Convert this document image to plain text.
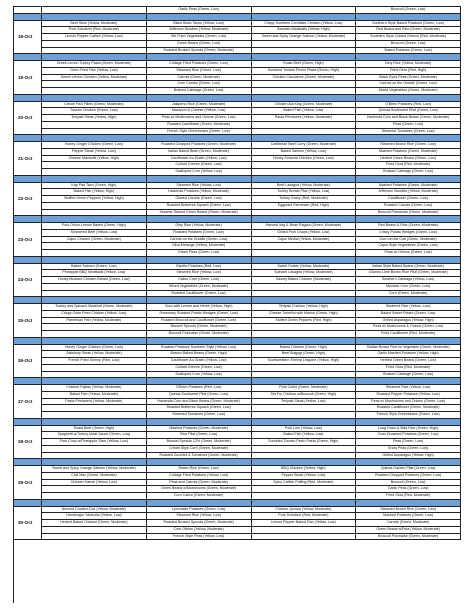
		Garlic Peas (Green, Low)		Broccoli (Green, Low)

18-Oct	Beef Stew (Yellow, Moderate)	Black Bean Tacos (Yellow, Low)	Crispy Southern Cornflake Chicken (Yellow, Low)	Southern Style Baked Potatoes (Green, Low)
	Pork Schnitzel (Red, Moderate)	Jefferson Noodles (Yellow, Moderate)	Swedish Meatballs (Yellow, High)	Red Beans and Rice (Green, Moderate)
	Lemon Pepper Catfish (Yellow, Low)	Stir Fried Vegetables (Green, Low)	Sweet and Spicy Orange Salmon (Yellow, Moderate)	Southern Style Collard Greens (Red, Moderate)
		Green Beans (Green, Low)		Broccoli (Green, Low)
		Roasted Brussel Sprouts (Green, Moderate)		Baked Potatoes (Green, Low)

19-Oct	Greek Lemon Turkey Pasta (Green, Moderate)	Cottage Fried Potatoes (Green, Low)	Roast Beef (Green, High)	Dirty Rice (Yellow, Moderate)
	Oven Fried Fish (Yellow, Low)	Steamed Rice (Green, Low)	Sundried Tomato Penne Pasta (Green, High)	Fried Okra (Red, High)
	Sweet Lemon Chicken (Yellow, Moderate)	Carrots (Green, Moderate)	Chicken Cacciatore (Green, Moderate)	Black Eyed Peas (Green, Moderate)
		Corn Combo (Green, Low)		Carrots on the Griddle (Green, Low)
		Braised Cabbage (Green, Low)		Mixed Vegetables (Green, Moderate)

20-Oct	Creole Fish Fillets (Green, Moderate)	Jalapeno Rice (Green, Moderate)	Chicken Ala King (Green, Moderate)	O'Brien Potatoes (Red, Low)
	Tuscan Chicken (Green, Low)	Macaroni & Cheese (Yellow, Low)	Baked Fish (Yellow, Low)	Quinoa Southwest Pilaf (Green, Low)
	Teriyaki Steak (Yellow, High)	Peas w/ Mushrooms and Onions (Green, Low)	Pasta Primavera (Yellow, Moderate)	Hacienda Corn and Black Beans (Green, Moderate)
		Roasted Cauliflower (Green, Moderate)		Peas (Green, Low)
		French Style Greenbeans (Green, Low)		Steamed Tomatoes (Green, Low)

21-Oct	Honey Ginger Chicken (Green, Low)	Roasted Chopped Potatoes (Green, Moderate)	Caribbean Beef Curry (Green, Moderate)	Steamed Brown Rice (Green, Low)
	Pepper Steak (Yellow, Low)	Italian Baked Bean (Green, Moderate)	Baked Salmon (Yellow, Low)	Mashed Potatoes (Green, Moderate)
	Cheese Manicotti (Yellow, High)	Cauliflower Au Gratin (Yellow, Low)	Honey Sriracha Chicken (Green, Low)	Herbed Green Beans (Green, Low)
		Collard Greens (Green, Low)		Fried Okra (Red, Moderate)
		Scalloped Corn (Yellow, Low)		Braised Cabbage (Green, Low)

22-Oct	Kap Pad Taco (Green, High)	Steamed Rice (Yellow, Low)	Beef Lasagna (Yellow, Moderate)	Mashed Potatoes (Green, Moderate)
	Baked Fish (Yellow, High)	Hacienda Potatoes (Yellow, Moderate)	Turkey Breast Pilaf (Yellow, Low)	Jefferson Noodles (Yellow, Moderate)
	Stuffed Green Peppers (Yellow, High)	Glazed Carrots (Green, Low)	Turkey Gravy (Red, Moderate)	Cauliflower (Green, Low)
		Roasted Butternut Squash (Green, Low)	Eggplant Parmesan (Red, High)	Roasted Carrots (Green, Low)
		Sesame Glazed Green Beans (Green, Moderate)		Broccoli Parmesan (Green, Moderate)

23-Oct	Pork Onion Lemon Baked (Green, High)	Dirty Rice (Yellow, Moderate)	Harvest Veg & Bean Ragout (Green, Moderate)	Red Beans & Rice (Green, Moderate)
	Simmered Beef (Yellow, Low)	Roasted Potatoes (Green, Low)	Grilled Pork Chops (Yellow, Low)	Crispy Potato Wedges (Green, Low)
	Cajun Chicken (Green, Moderate)	Carrots on the Griddle (Green, Low)	Cajun Medial (Yellow, Moderate)	Corn on the Cob (Green, Moderate)
		Okra Melange (Yellow, Moderate)		Cajun Style Vegetables (Green, Low)
		Green Peas (Green, Low)		Peas w/ Onions (Green, Low)

24-Oct	Baked Salmon (Green, Low)	Risotto Potatoes (Red, Low)	Sweet Potato (Yellow, Moderate)	Italian Style Baked Beans (Green, Moderate)
	Pineapple BBQ Meatballs (Yellow, Low)	Steamed Rice (Yellow, Low)	Spinach Lasagna (Yellow, Moderate)	Cilantro Lime Brown Rice Pilaf (Green, Moderate)
	Honey Mustard Chicken Breast (Green, Low)	Calico Corn (Green, Low)	Savory Baked Chicken (Moderate)	Southern Cabbage (Yellow, Low)
		Mixed Vegetables (Green, Moderate)		Mexican Corn (Green, Low)
		Roasted Cauliflower (Green, Low)		Corn (Green, Moderate)

25-Oct	Turkey and Spinach Meatloaf (Green, Moderate)	Orzo with Lemon and Herbs (Yellow, High)	Teriyaki Chicken (Yellow, High)	Steamed Rice (Yellow, Low)
	Crispy Oven Fried Chicken (Yellow, Low)	Rosemary Roasted Potato Wedges (Green, Low)	Cheese Tortellini with Marina (Green, High)	Baked Sweet Potato (Green, Low)
	Parmesan Fish (Yellow, Moderate)	Roasted Broccoli and Cauliflower (Green, Low)	Stuffed Green Peppers (Red, High)	Grilled Asparagus (Yellow, High)
		Brussel Sprouts (Green, Moderate)		Peas w/ Mushrooms & Onions (Green, Low)
		Broccoli Polonaise (Green, Moderate)		Fried Cauliflower (Red, Moderate)

26-Oct	Honey Ginger Chicken (Green, Low)	Roasted Potatoes Southern Style (Yellow, Low)	Baked Chicken (Green, High)	Sicilian Brown Rice w/ Vegetable (Green, Moderate)
	Salisbury Steak (Yellow, Moderate)	Boston Baked Beans (Green, High)	Beef Bulgogi (Green, High)	Garlic Mashed Potatoes (Yellow, High)
	French Fried Shrimp (Red, Low)	Cauliflower Au Gratin (Yellow, Low)	Southwestern Shrimp Linguine (Yellow, High)	Herbed Green Beans (Green, Low)
		Collard Greens (Green, Low)		Fried Okra (Red, Moderate)
		Scalloped Corn (Yellow, Low)		Braised Cabbage (Green, Low)

27-Oct	Chicken Fajitas (Yellow, Moderate)	O'Brien Potatoes (Red, Low)	Pork Cutlet (Green, Moderate)	Steamed Rice (Yellow, Low)
	Baked Fish (Yellow, Moderate)	Quinoa Southwest Pilaf (Green, Low)	Stir Fry Chicken w/Broccoli (Green, High)	Roasted Pepper Potatoes (Yellow, Low)
	Pasta Primavera (Yellow, Moderate)	Hacienda Corn and Black Beans (Green, Moderate)	Teriyaki Steak (Yellow, Low)	Peas w/ Mushrooms and Onions (Green, Low)
		Roasted Butternut Squash (Green, Low)		Roasted Cauliflower (Green, Moderate)
		Steamed Tomatoes (Green, Low)		French Style Greenbeans (Green, Low)

28-Oct	Roast Beef (Green, High)	Mashed Potatoes (Green, Moderate)	Pork Loin (Yellow, Low)	Long Grain & Wild Rice (Green, High)
	Spaghetti w/Turkey Meat Sauce (Green, Low)	Rice Pilaf (Green, Low)	Baked Fish (Yellow, Low)	Oven Browned Potatoes (Green, Low)
	Pork Chop w/Pineapple Slaw (Yellow, Low)	Brussel Sprouts 12% (Green, Moderate)	Sundried Tomato Pesto Pasta (Green, High)	Peas (Green, Low)
		Cream Style Corn (Green, Moderate)		Snow Peas (Green, Low)
		Roasted Zucchini & Tomatoes (Green, Moderate)		Grilled Asparagus (Yellow, High)

29-Oct	Sweet and Spicy Orange Salmon (Yellow, Moderate)	Brown Rice (Green, Low)	BBQ Chicken (Yellow, High)	Quinoa Garden Pilaf (Green, Low)
	Chili Mac (Green, Moderate)	Cottage Fried Potatoes (Yellow, Low)	Pepper Steak (Yellow, Low)	Roasted Chopped Potatoes (Green, Low)
	Chicken Kabob (Yellow, Low)	Peas and Carrots (Green, Moderate)	Spicy Catfish Puffing (Red, Moderate)	Broccoli (Green, Low)
		Green Beans w/Mushrooms (Green, Moderate)		Garlic Peas (Green, Low)
		Corn Calico (Green, Moderate)		Fried Okra (Red, Moderate)

30-Oct	Almond Crusted Cod (Yellow, Moderate)	Lyonnaise Potatoes (Green, Low)	Chicken Quinoa (Yellow, Moderate)	Steamed Brown Rice (Green, Low)
	Hamburger Yakisoba (Yellow, Low)	Steamed Rice (Yellow, Low)	Pork Schnitzel (Red, Moderate)	Mashed Potatoes (Green, Low)
	Herbed Baked Chicken (Green, Moderate)	Roasted Brussel Sprouts (Green, Moderate)	Lemon Pepper Baked Fish (Yellow, Low)	Carrots (Green, Moderate)
		Corn Obrien (Yellow, Moderate)		Green Beans w/Feta (Yellow, Moderate)
		French Style Peas (Yellow, Low)		Broccoli Polonaise (Green, Moderate)
